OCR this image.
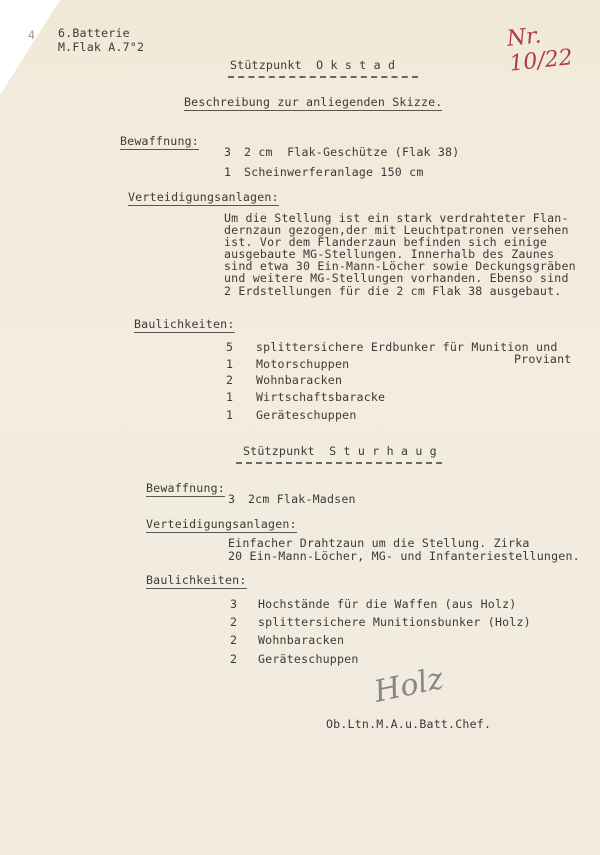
4 6.Batterie
M.Flak A.7°2	Nr. 10/22
Stützpunkt  O k s t a d
Beschreibung zur anliegenden Skizze.
Bewaffnung:
3 2 cm  Flak-Geschütze (Flak 38)
1 Scheinwerferanlage 150 cm
Verteidigungsanlagen:
Um die Stellung ist ein stark verdrahteter Flan-
dernzaun gezogen,der mit Leuchtpatronen versehen
ist. Vor dem Flanderzaun befinden sich einige
ausgebaute MG-Stellungen. Innerhalb des Zaunes
sind etwa 30 Ein-Mann-Löcher sowie Deckungsgräben
und weitere MG-Stellungen vorhanden. Ebenso sind
2 Erdstellungen für die 2 cm Flak 38 ausgebaut.
Baulichkeiten:
5 splittersichere Erdbunker für Munition und
Proviant
1 Motorschuppen
2 Wohnbaracken
1 Wirtschaftsbaracke
1 Geräteschuppen
Stützpunkt  S t u r h a u g
Bewaffnung:
3 2cm Flak-Madsen
Verteidigungsanlagen:
Einfacher Drahtzaun um die Stellung. Zirka
20 Ein-Mann-Löcher, MG- und Infanteriestellungen.
Baulichkeiten:
3 Hochstände für die Waffen (aus Holz)
2 splittersichere Munitionsbunker (Holz)
2 Wohnbaracken
2 Geräteschuppen
Holz
Ob.Ltn.M.A.u.Batt.Chef.
